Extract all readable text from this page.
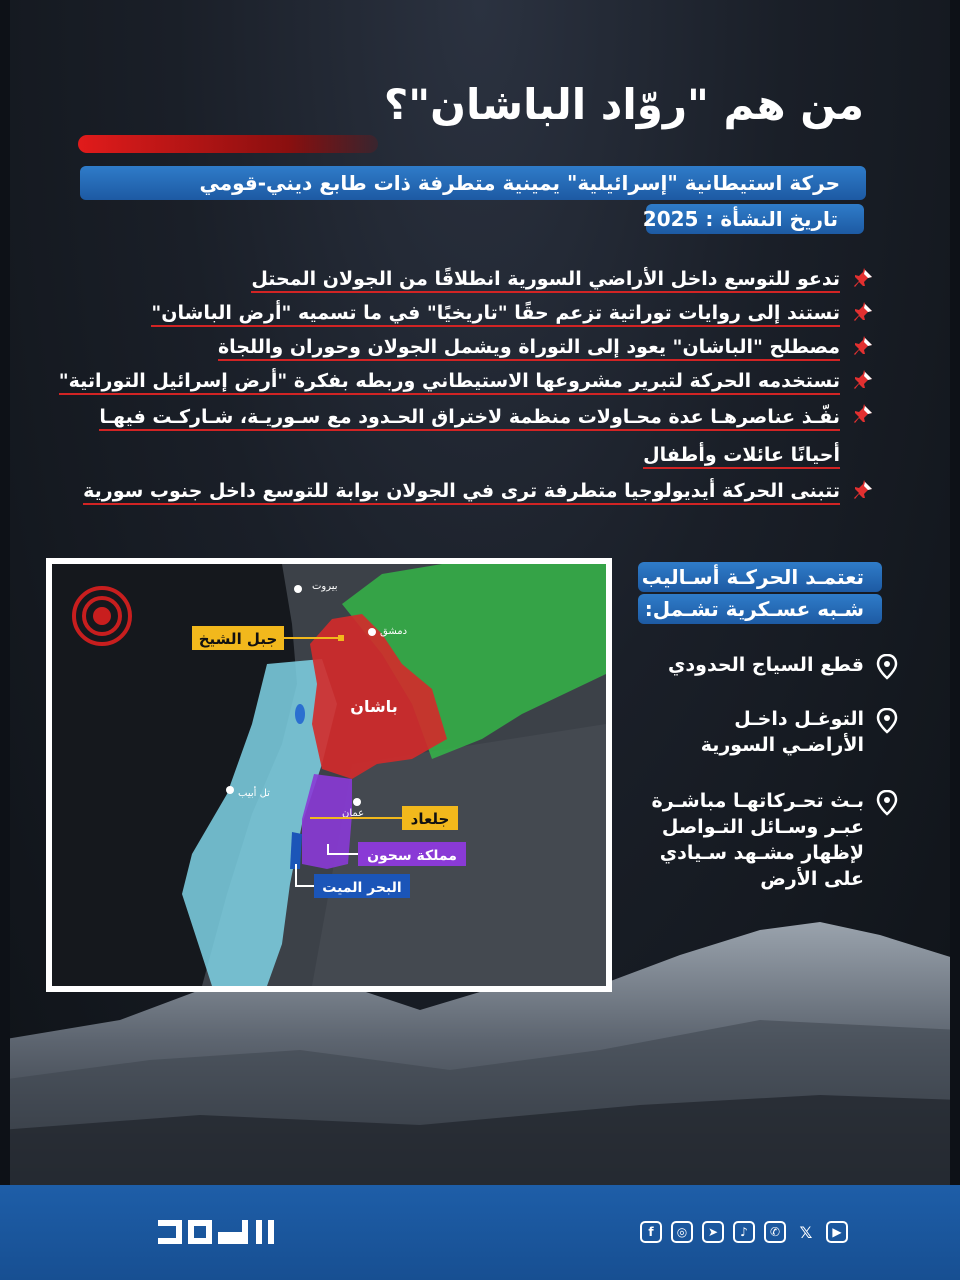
من هم "روّاد الباشان"؟
حركة استيطانية "إسرائيلية" يمينية متطرفة ذات طابع ديني-قومي
تاريخ النشأة : 2025
تدعو للتوسع داخل الأراضي السورية انطلاقًا من الجولان المحتل
تستند إلى روايات توراتية تزعم حقًا "تاريخيًا" في ما تسميه "أرض الباشان"
مصطلح "الباشان" يعود إلى التوراة ويشمل الجولان وحوران واللجاة
تستخدمه الحركة لتبرير مشروعها الاستيطاني وربطه بفكرة "أرض إسرائيل التوراتية"
نفّـذ عناصرهـا عدة محـاولات منظمة لاختراق الحـدود مع سـوريـة، شـاركـت فيهـا أحيانًا عائلات وأطفال
تتبنى الحركة أيديولوجيا متطرفة ترى في الجولان بوابة للتوسع داخل جنوب سورية
بيروت
دمشق
تل أبيب
عمان
جبل الشيخ
باشان
جلعاد
مملكة سحون
البحر الميت
تعتمـد الحركـة أسـاليب
شـبه عسـكرية تشـمل:
قطع السياج الحدودي
التوغـل داخـل الأراضـي السورية
بـث تحـركاتهـا مباشـرة عبـر وسـائل التـواصل لإظهار مشـهد سـيادي على الأرض
f	◎	➤	♪	✆	𝕏	▶
